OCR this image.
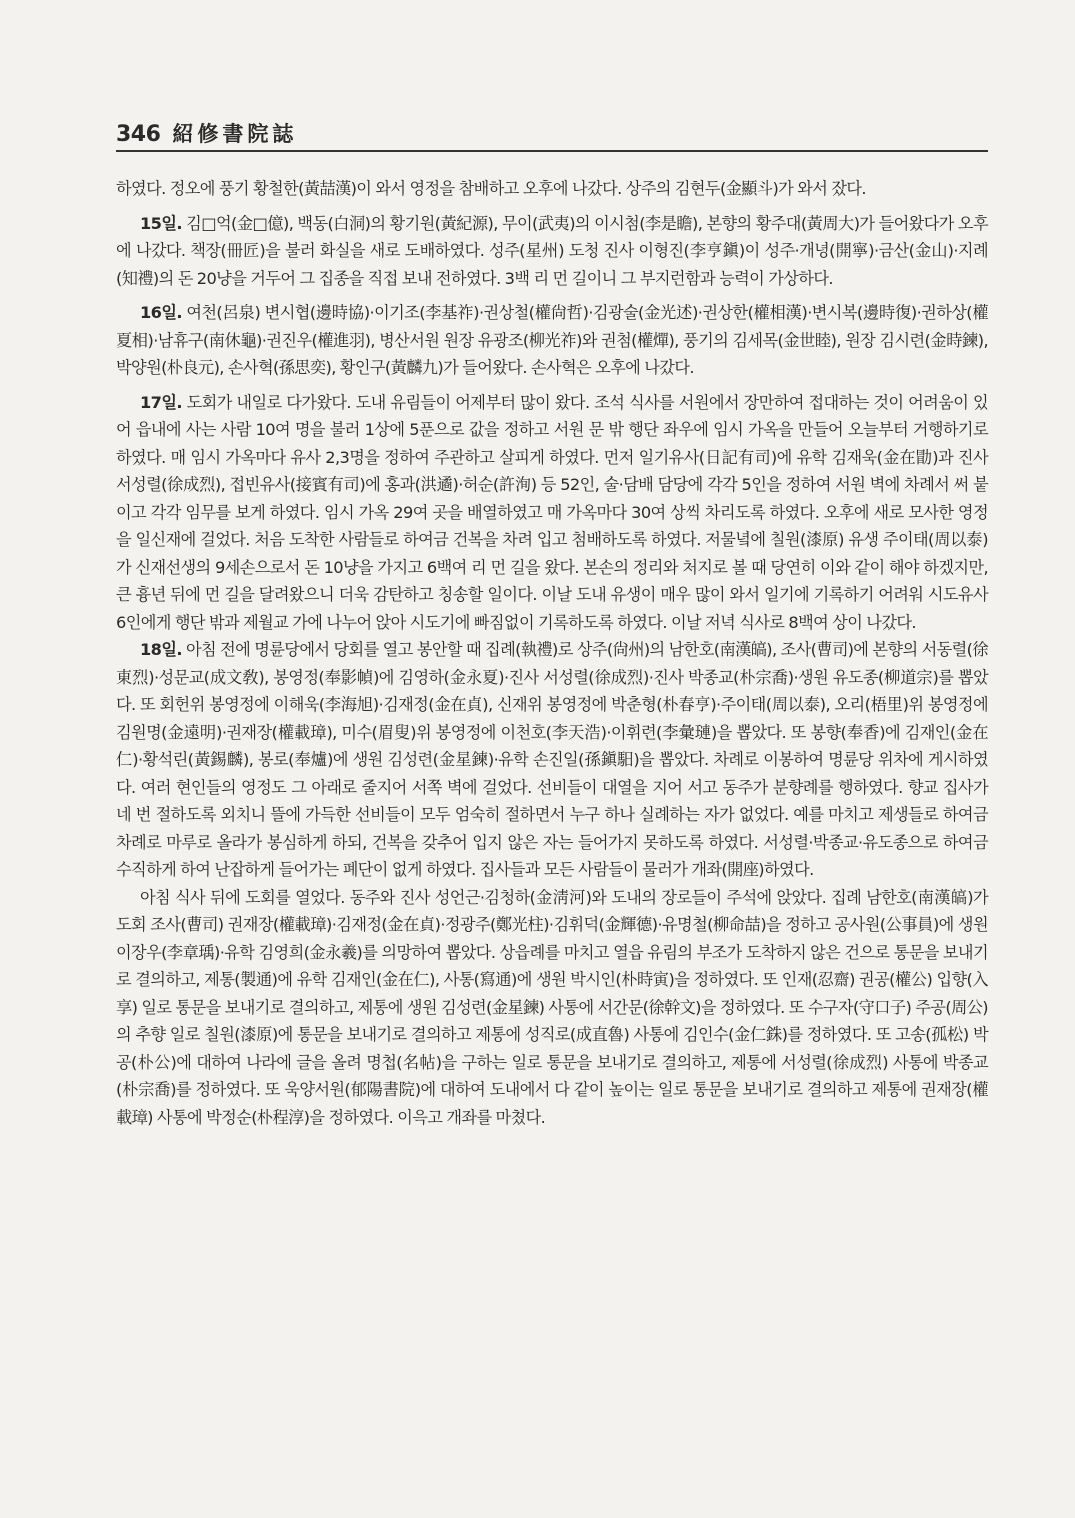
346 紹修書院誌

하였다. 정오에 풍기 황철한(黃喆漢)이 와서 영정을 참배하고 오후에 나갔다. 상주의 김현두(金顯斗)가 와서 잤다.

15일. 김□억(金□億), 백동(白洞)의 황기원(黃紀源), 무이(武夷)의 이시첨(李是瞻), 본향의 황주대(黃周大)가 들어왔다가 오후에 나갔다. 책장(冊匠)을 불러 화실을 새로 도배하였다. 성주(星州) 도청 진사 이형진(李亨鎭)이 성주·개녕(開寧)·금산(金山)·지례(知禮)의 돈 20냥을 거두어 그 집종을 직접 보내 전하였다. 3백 리 먼 길이니 그 부지런함과 능력이 가상하다.

16일. 여천(呂泉) 변시협(邊時協)·이기조(李基祚)·권상철(權尙哲)·김광술(金光述)·권상한(權相漢)·변시복(邊時復)·권하상(權夏相)·남휴구(南休龜)·권진우(權進羽), 병산서원 원장 유광조(柳光祚)와 권첨(權燀), 풍기의 김세목(金世睦), 원장 김시련(金時鍊), 박양원(朴良元), 손사혁(孫思奕), 황인구(黃麟九)가 들어왔다. 손사혁은 오후에 나갔다.

17일. 도회가 내일로 다가왔다. 도내 유림들이 어제부터 많이 왔다. 조석 식사를 서원에서 장만하여 접대하는 것이 어려움이 있어 읍내에 사는 사람 10여 명을 불러 1상에 5푼으로 값을 정하고 서원 문 밖 행단 좌우에 임시 가옥을 만들어 오늘부터 거행하기로 하였다. 매 임시 가옥마다 유사 2,3명을 정하여 주관하고 살피게 하였다. 먼저 일기유사(日記有司)에 유학 김재욱(金在勖)과 진사 서성렬(徐成烈), 접빈유사(接賓有司)에 홍과(洪遹)·허순(許洵) 등 52인, 술·담배 담당에 각각 5인을 정하여 서원 벽에 차례서 써 붙이고 각각 임무를 보게 하였다. 임시 가옥 29여 곳을 배열하였고 매 가옥마다 30여 상씩 차리도록 하였다. 오후에 새로 모사한 영정을 일신재에 걸었다. 처음 도착한 사람들로 하여금 건복을 차려 입고 첨배하도록 하였다. 저물녘에 칠원(漆原) 유생 주이태(周以泰)가 신재선생의 9세손으로서 돈 10냥을 가지고 6백여 리 먼 길을 왔다. 본손의 정리와 처지로 볼 때 당연히 이와 같이 해야 하겠지만, 큰 흉년 뒤에 먼 길을 달려왔으니 더욱 감탄하고 칭송할 일이다. 이날 도내 유생이 매우 많이 와서 일기에 기록하기 어려워 시도유사 6인에게 행단 밖과 제월교 가에 나누어 앉아 시도기에 빠짐없이 기록하도록 하였다. 이날 저녁 식사로 8백여 상이 나갔다.

18일. 아침 전에 명륜당에서 당회를 열고 봉안할 때 집례(執禮)로 상주(尙州)의 남한호(南漢皜), 조사(曹司)에 본향의 서동렬(徐東烈)·성문교(成文敎), 봉영정(奉影幀)에 김영하(金永夏)·진사 서성렬(徐成烈)·진사 박종교(朴宗喬)·생원 유도종(柳道宗)를 뽑았다. 또 회헌위 봉영정에 이해욱(李海旭)·김재정(金在貞), 신재위 봉영정에 박춘형(朴春亨)·주이태(周以泰), 오리(梧里)위 봉영정에 김원명(金遠明)·권재장(權載璋), 미수(眉叟)위 봉영정에 이천호(李天浩)·이휘련(李彙璉)을 뽑았다. 또 봉향(奉香)에 김재인(金在仁)·황석린(黃錫麟), 봉로(奉爐)에 생원 김성련(金星鍊)·유학 손진일(孫鎭馹)을 뽑았다. 차례로 이봉하여 명륜당 위차에 게시하였다. 여러 현인들의 영정도 그 아래로 줄지어 서쪽 벽에 걸었다. 선비들이 대열을 지어 서고 동주가 분향례를 행하였다. 향교 집사가 네 번 절하도록 외치니 뜰에 가득한 선비들이 모두 엄숙히 절하면서 누구 하나 실례하는 자가 없었다. 예를 마치고 제생들로 하여금 차례로 마루로 올라가 봉심하게 하되, 건복을 갖추어 입지 않은 자는 들어가지 못하도록 하였다. 서성렬·박종교·유도종으로 하여금 수직하게 하여 난잡하게 들어가는 폐단이 없게 하였다. 집사들과 모든 사람들이 물러가 개좌(開座)하였다.

아침 식사 뒤에 도회를 열었다. 동주와 진사 성언근·김청하(金淸河)와 도내의 장로들이 주석에 앉았다. 집례 남한호(南漢皜)가 도회 조사(曹司) 권재장(權載璋)·김재정(金在貞)·정광주(鄭光柱)·김휘덕(金輝德)·유명철(柳命喆)을 정하고 공사원(公事員)에 생원 이장우(李章瑀)·유학 김영희(金永羲)를 의망하여 뽑았다. 상읍례를 마치고 열읍 유림의 부조가 도착하지 않은 건으로 통문을 보내기로 결의하고, 제통(製通)에 유학 김재인(金在仁), 사통(寫通)에 생원 박시인(朴時寅)을 정하였다. 또 인재(忍齋) 권공(權公) 입향(入享) 일로 통문을 보내기로 결의하고, 제통에 생원 김성련(金星鍊) 사통에 서간문(徐幹文)을 정하였다. 또 수구자(守口子) 주공(周公)의 추향 일로 칠원(漆原)에 통문을 보내기로 결의하고 제통에 성직로(成直魯) 사통에 김인수(金仁銖)를 정하였다. 또 고송(孤松) 박공(朴公)에 대하여 나라에 글을 올려 명첩(名帖)을 구하는 일로 통문을 보내기로 결의하고, 제통에 서성렬(徐成烈) 사통에 박종교(朴宗喬)를 정하였다. 또 욱양서원(郁陽書院)에 대하여 도내에서 다 같이 높이는 일로 통문을 보내기로 결의하고 제통에 권재장(權載璋) 사통에 박정순(朴程淳)을 정하였다. 이윽고 개좌를 마쳤다.
